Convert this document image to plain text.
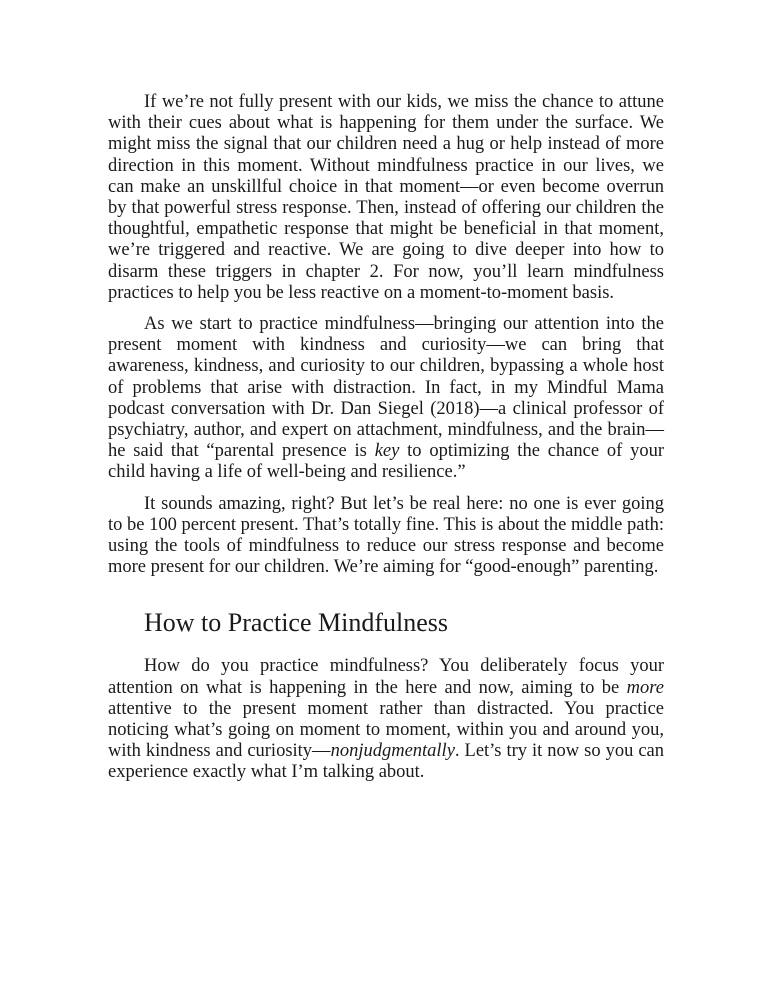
If we’re not fully present with our kids, we miss the chance to attune with their cues about what is happening for them under the surface. We might miss the signal that our children need a hug or help instead of more direction in this moment. Without mindfulness practice in our lives, we can make an unskillful choice in that moment—or even become overrun by that powerful stress response. Then, instead of offering our children the thoughtful, empathetic response that might be beneficial in that moment, we’re triggered and reactive. We are going to dive deeper into how to disarm these triggers in chapter 2. For now, you’ll learn mindfulness practices to help you be less reactive on a moment-to-moment basis.

As we start to practice mindfulness—bringing our attention into the present moment with kindness and curiosity—we can bring that awareness, kindness, and curiosity to our children, bypassing a whole host of problems that arise with distraction. In fact, in my Mindful Mama podcast conversation with Dr. Dan Siegel (2018)—a clinical professor of psychiatry, author, and expert on attachment, mindfulness, and the brain—he said that “parental presence is key to optimizing the chance of your child having a life of well-being and resilience.”

It sounds amazing, right? But let’s be real here: no one is ever going to be 100 percent present. That’s totally fine. This is about the middle path: using the tools of mindfulness to reduce our stress response and become more present for our children. We’re aiming for “good-enough” parenting.

How to Practice Mindfulness

How do you practice mindfulness? You deliberately focus your attention on what is happening in the here and now, aiming to be more attentive to the present moment rather than distracted. You practice noticing what’s going on moment to moment, within you and around you, with kindness and curiosity—nonjudgmentally. Let’s try it now so you can experience exactly what I’m talking about.
